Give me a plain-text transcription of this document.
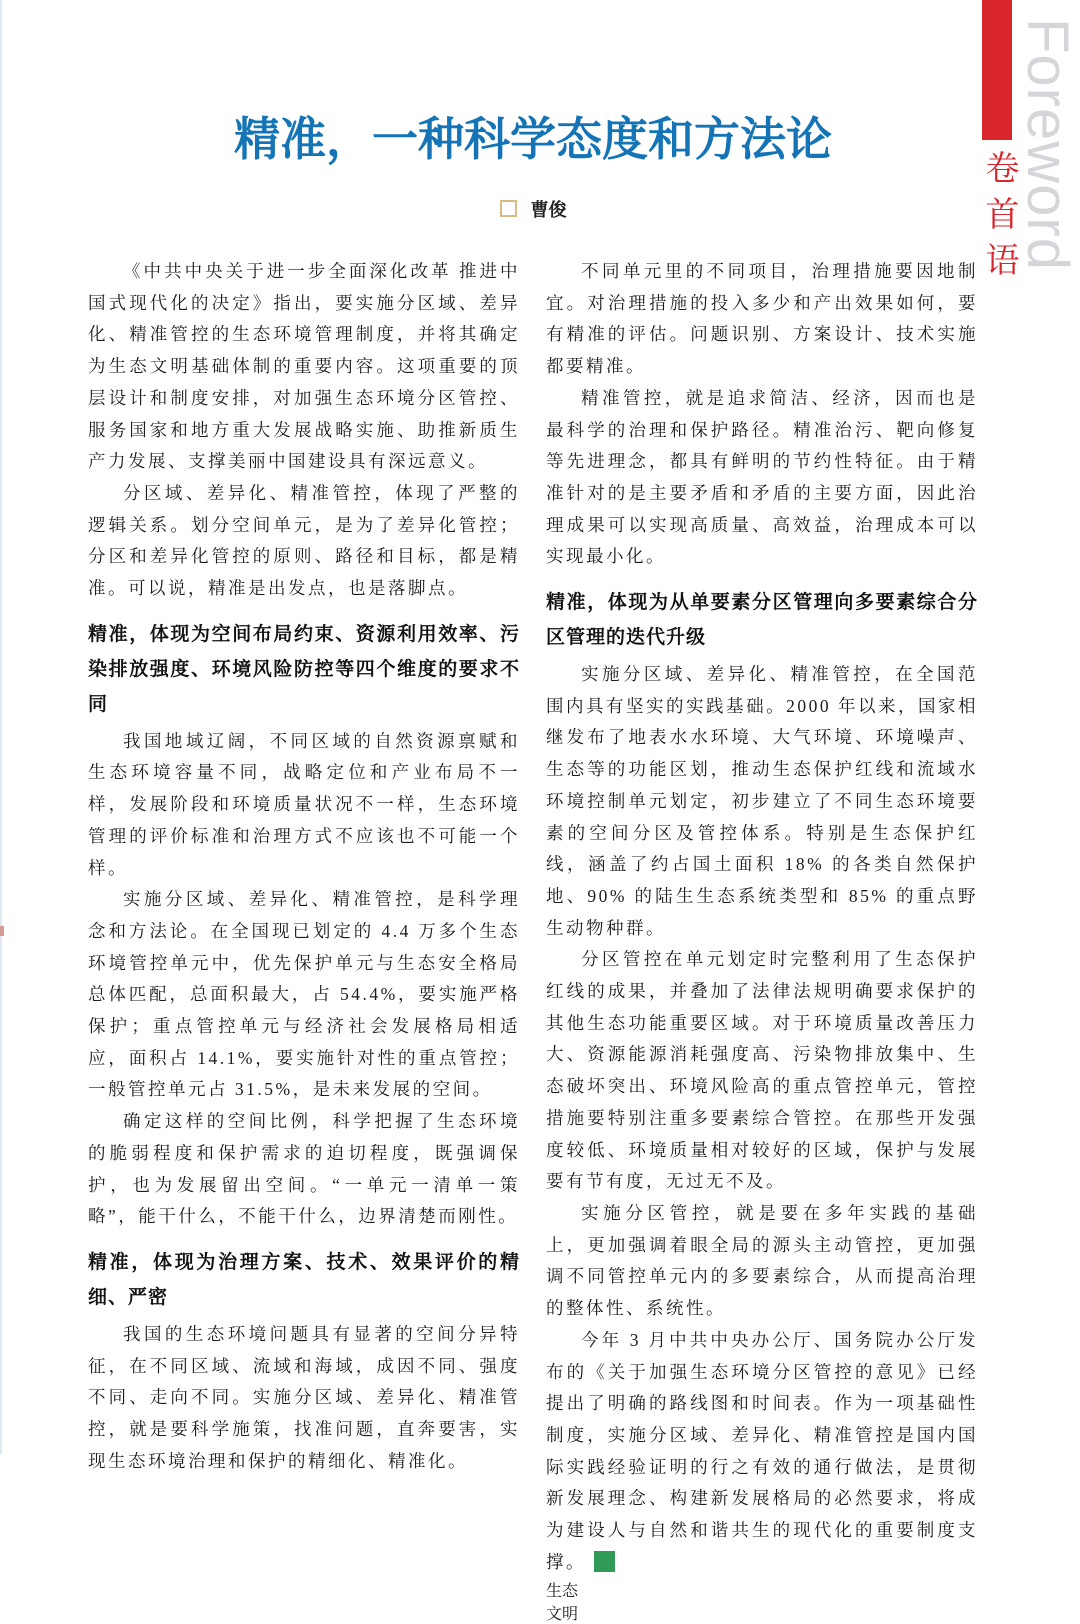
卷首语
Foreword
精准，一种科学态度和方法论
曹俊

《中共中央关于进一步全面深化改革 推进中国式现代化的决定》指出，要实施分区域、差异化、精准管控的生态环境管理制度，并将其确定为生态文明基础体制的重要内容。这项重要的顶层设计和制度安排，对加强生态环境分区管控、服务国家和地方重大发展战略实施、助推新质生产力发展、支撑美丽中国建设具有深远意义。

分区域、差异化、精准管控，体现了严整的逻辑关系。划分空间单元，是为了差异化管控；分区和差异化管控的原则、路径和目标，都是精准。可以说，精准是出发点，也是落脚点。

精准，体现为空间布局约束、资源利用效率、污染排放强度、环境风险防控等四个维度的要求不同

我国地域辽阔，不同区域的自然资源禀赋和生态环境容量不同，战略定位和产业布局不一样，发展阶段和环境质量状况不一样，生态环境管理的评价标准和治理方式不应该也不可能一个样。

实施分区域、差异化、精准管控，是科学理念和方法论。在全国现已划定的 4.4 万多个生态环境管控单元中，优先保护单元与生态安全格局总体匹配，总面积最大，占 54.4%，要实施严格保护；重点管控单元与经济社会发展格局相适应，面积占 14.1%，要实施针对性的重点管控；一般管控单元占 31.5%，是未来发展的空间。

确定这样的空间比例，科学把握了生态环境的脆弱程度和保护需求的迫切程度，既强调保护，也为发展留出空间。“一单元一清单一策略”，能干什么，不能干什么，边界清楚而刚性。

精准，体现为治理方案、技术、效果评价的精细、严密

我国的生态环境问题具有显著的空间分异特征，在不同区域、流域和海域，成因不同、强度不同、走向不同。实施分区域、差异化、精准管控，就是要科学施策，找准问题，直奔要害，实现生态环境治理和保护的精细化、精准化。

不同单元里的不同项目，治理措施要因地制宜。对治理措施的投入多少和产出效果如何，要有精准的评估。问题识别、方案设计、技术实施都要精准。

精准管控，就是追求简洁、经济，因而也是最科学的治理和保护路径。精准治污、靶向修复等先进理念，都具有鲜明的节约性特征。由于精准针对的是主要矛盾和矛盾的主要方面，因此治理成果可以实现高质量、高效益，治理成本可以实现最小化。

精准，体现为从单要素分区管理向多要素综合分区管理的迭代升级

实施分区域、差异化、精准管控，在全国范围内具有坚实的实践基础。2000 年以来，国家相继发布了地表水水环境、大气环境、环境噪声、生态等的功能区划，推动生态保护红线和流域水环境控制单元划定，初步建立了不同生态环境要素的空间分区及管控体系。特别是生态保护红线，涵盖了约占国土面积 18% 的各类自然保护地、90% 的陆生生态系统类型和 85% 的重点野生动物种群。

分区管控在单元划定时完整利用了生态保护红线的成果，并叠加了法律法规明确要求保护的其他生态功能重要区域。对于环境质量改善压力大、资源能源消耗强度高、污染物排放集中、生态破坏突出、环境风险高的重点管控单元，管控措施要特别注重多要素综合管控。在那些开发强度较低、环境质量相对较好的区域，保护与发展要有节有度，无过无不及。

实施分区管控，就是要在多年实践的基础上，更加强调着眼全局的源头主动管控，更加强调不同管控单元内的多要素综合，从而提高治理的整体性、系统性。

今年 3 月中共中央办公厅、国务院办公厅发布的《关于加强生态环境分区管控的意见》已经提出了明确的路线图和时间表。作为一项基础性制度，实施分区域、差异化、精准管控是国内国际实践经验证明的行之有效的通行做法，是贯彻新发展理念、构建新发展格局的必然要求，将成为建设人与自然和谐共生的现代化的重要制度支撑。

生态
文明
